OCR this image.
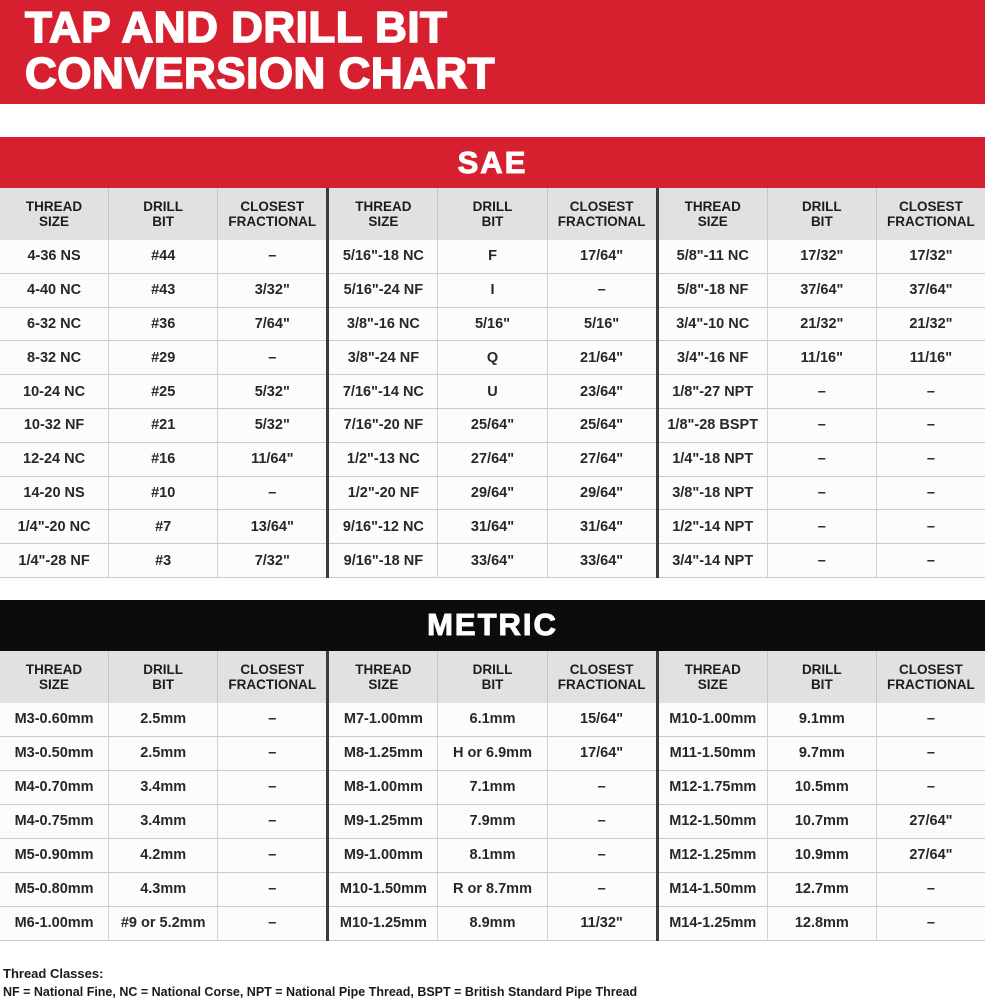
TAP AND DRILL BIT
CONVERSION CHART
SAE
THREAD
SIZE
DRILL
BIT
CLOSEST
FRACTIONAL
4-36 NS	#44	–
4-40 NC	#43	3/32"
6-32 NC	#36	7/64"
8-32 NC	#29	–
10-24 NC	#25	5/32"
10-32 NF	#21	5/32"
12-24 NC	#16	11/64"
14-20 NS	#10	–
1/4"-20 NC	#7	13/64"
1/4"-28 NF	#3	7/32"
THREAD
SIZE
DRILL
BIT
CLOSEST
FRACTIONAL
5/16"-18 NC	F	17/64"
5/16"-24 NF	I	–
3/8"-16 NC	5/16"	5/16"
3/8"-24 NF	Q	21/64"
7/16"-14 NC	U	23/64"
7/16"-20 NF	25/64"	25/64"
1/2"-13 NC	27/64"	27/64"
1/2"-20 NF	29/64"	29/64"
9/16"-12 NC	31/64"	31/64"
9/16"-18 NF	33/64"	33/64"
THREAD
SIZE
DRILL
BIT
CLOSEST
FRACTIONAL
5/8"-11 NC	17/32"	17/32"
5/8"-18 NF	37/64"	37/64"
3/4"-10 NC	21/32"	21/32"
3/4"-16 NF	11/16"	11/16"
1/8"-27 NPT	–	–
1/8"-28 BSPT	–	–
1/4"-18 NPT	–	–
3/8"-18 NPT	–	–
1/2"-14 NPT	–	–
3/4"-14 NPT	–	–
METRIC
THREAD
SIZE
DRILL
BIT
CLOSEST
FRACTIONAL
M3-0.60mm	2.5mm	–
M3-0.50mm	2.5mm	–
M4-0.70mm	3.4mm	–
M4-0.75mm	3.4mm	–
M5-0.90mm	4.2mm	–
M5-0.80mm	4.3mm	–
M6-1.00mm	#9 or 5.2mm	–
THREAD
SIZE
DRILL
BIT
CLOSEST
FRACTIONAL
M7-1.00mm	6.1mm	15/64"
M8-1.25mm	H or 6.9mm	17/64"
M8-1.00mm	7.1mm	–
M9-1.25mm	7.9mm	–
M9-1.00mm	8.1mm	–
M10-1.50mm	R or 8.7mm	–
M10-1.25mm	8.9mm	11/32"
THREAD
SIZE
DRILL
BIT
CLOSEST
FRACTIONAL
M10-1.00mm	9.1mm	–
M11-1.50mm	9.7mm	–
M12-1.75mm	10.5mm	–
M12-1.50mm	10.7mm	27/64"
M12-1.25mm	10.9mm	27/64"
M14-1.50mm	12.7mm	–
M14-1.25mm	12.8mm	–
Thread Classes:
NF = National Fine, NC = National Corse, NPT = National Pipe Thread, BSPT = British Standard Pipe Thread
